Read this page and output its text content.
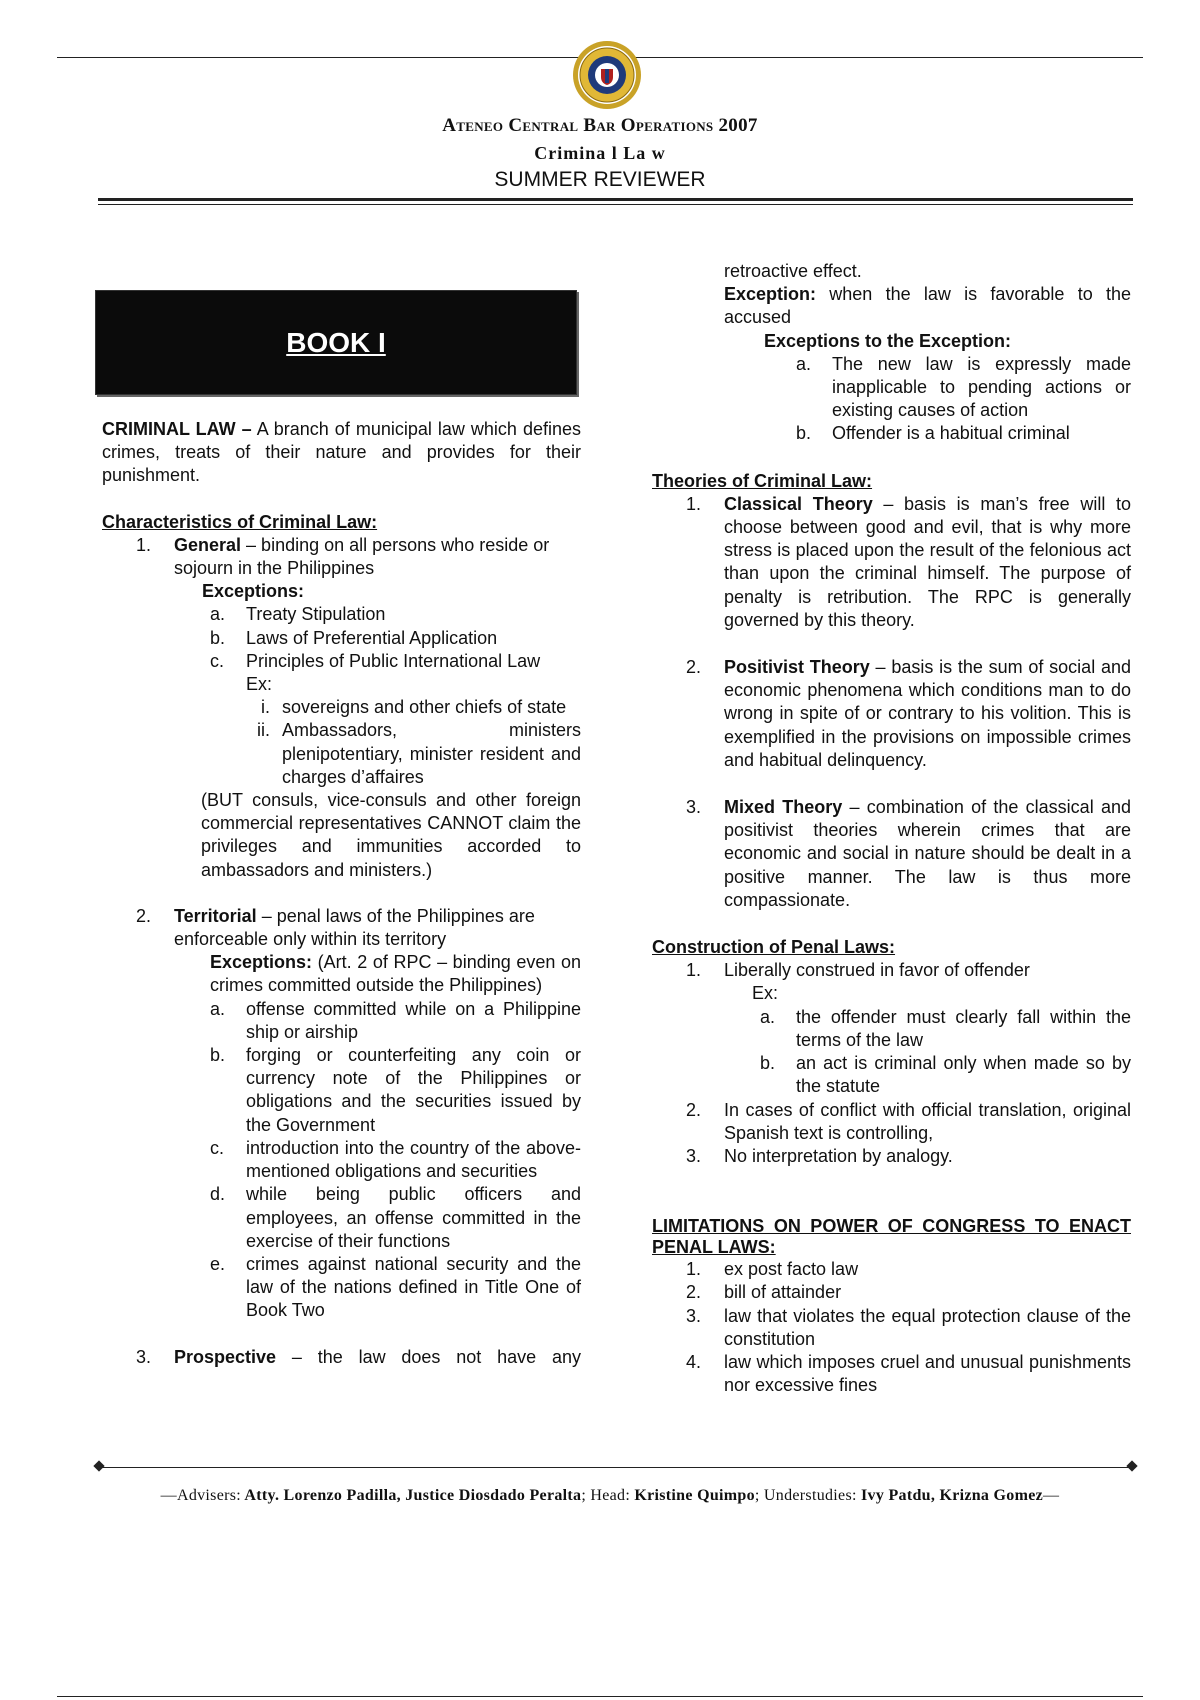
Ateneo Central Bar Operations 2007
Crimina l La w
SUMMER REVIEWER
BOOK I

CRIMINAL LAW – A branch of municipal law which defines crimes, treats of their nature and provides for their punishment.

Characteristics of Criminal Law:

1. General – binding on all persons who reside or sojourn in the Philippines

Exceptions:

a. Treaty Stipulation

b. Laws of Preferential Application

c. Principles of Public International Law

Ex:

i. sovereigns and other chiefs of state

ii. Ambassadors, ministers plenipotentiary, minister resident and charges d’affaires

(BUT consuls, vice-consuls and other foreign commercial representatives CANNOT claim the privileges and immunities accorded to ambassadors and ministers.)

2. Territorial – penal laws of the Philippines are enforceable only within its territory

Exceptions: (Art. 2 of RPC – binding even on crimes committed outside the Philippines)

a. offense committed while on a Philippine ship or airship

b. forging or counterfeiting any coin or currency note of the Philippines or obligations and the securities issued by the Government

c. introduction into the country of the above-mentioned obligations and securities

d. while being public officers and employees, an offense committed in the exercise of their functions

e. crimes against national security and the law of the nations defined in Title One of Book Two

3. Prospective – the law does not have any

retroactive effect.

Exception: when the law is favorable to the accused

Exceptions to the Exception:

a. The new law is expressly made inapplicable to pending actions or existing causes of action

b. Offender is a habitual criminal

Theories of Criminal Law:

1. Classical Theory – basis is man’s free will to choose between good and evil, that is why more stress is placed upon the result of the felonious act than upon the criminal himself. The purpose of penalty is retribution. The RPC is generally governed by this theory.

2. Positivist Theory – basis is the sum of social and economic phenomena which conditions man to do wrong in spite of or contrary to his volition. This is exemplified in the provisions on impossible crimes and habitual delinquency.

3. Mixed Theory – combination of the classical and positivist theories wherein crimes that are economic and social in nature should be dealt in a positive manner. The law is thus more compassionate.

Construction of Penal Laws:

1. Liberally construed in favor of offender

Ex:

a. the offender must clearly fall within the terms of the law

b. an act is criminal only when made so by the statute

2. In cases of conflict with official translation, original Spanish text is controlling,

3. No interpretation by analogy.

LIMITATIONS ON POWER OF CONGRESS TO ENACT PENAL LAWS:

1. ex post facto law

2. bill of attainder

3. law that violates the equal protection clause of the constitution

4. law which imposes cruel and unusual punishments nor excessive fines

—Advisers: Atty. Lorenzo Padilla, Justice Diosdado Peralta; Head: Kristine Quimpo; Understudies: Ivy Patdu, Krizna Gomez—
